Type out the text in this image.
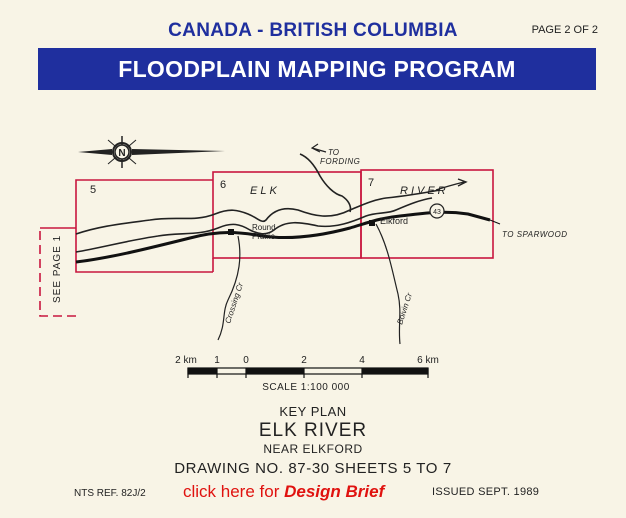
CANADA - BRITISH COLUMBIA	PAGE 2 OF 2
FLOODPLAIN MAPPING PROGRAM
N
5	6	7
SEE PAGE 1
43
ELK	RIVER
TO
FORDING
TO SPARWOOD
Elkford
Round
Prairie
Crossing Cr	Boivin Cr
2 km 1 0	2	4	6 km
SCALE 1:100 000
KEY PLAN
ELK RIVER
NEAR ELKFORD
DRAWING NO. 87-30 SHEETS 5 TO 7
NTS REF. 82J/2 click here for Design Brief	ISSUED SEPT. 1989
